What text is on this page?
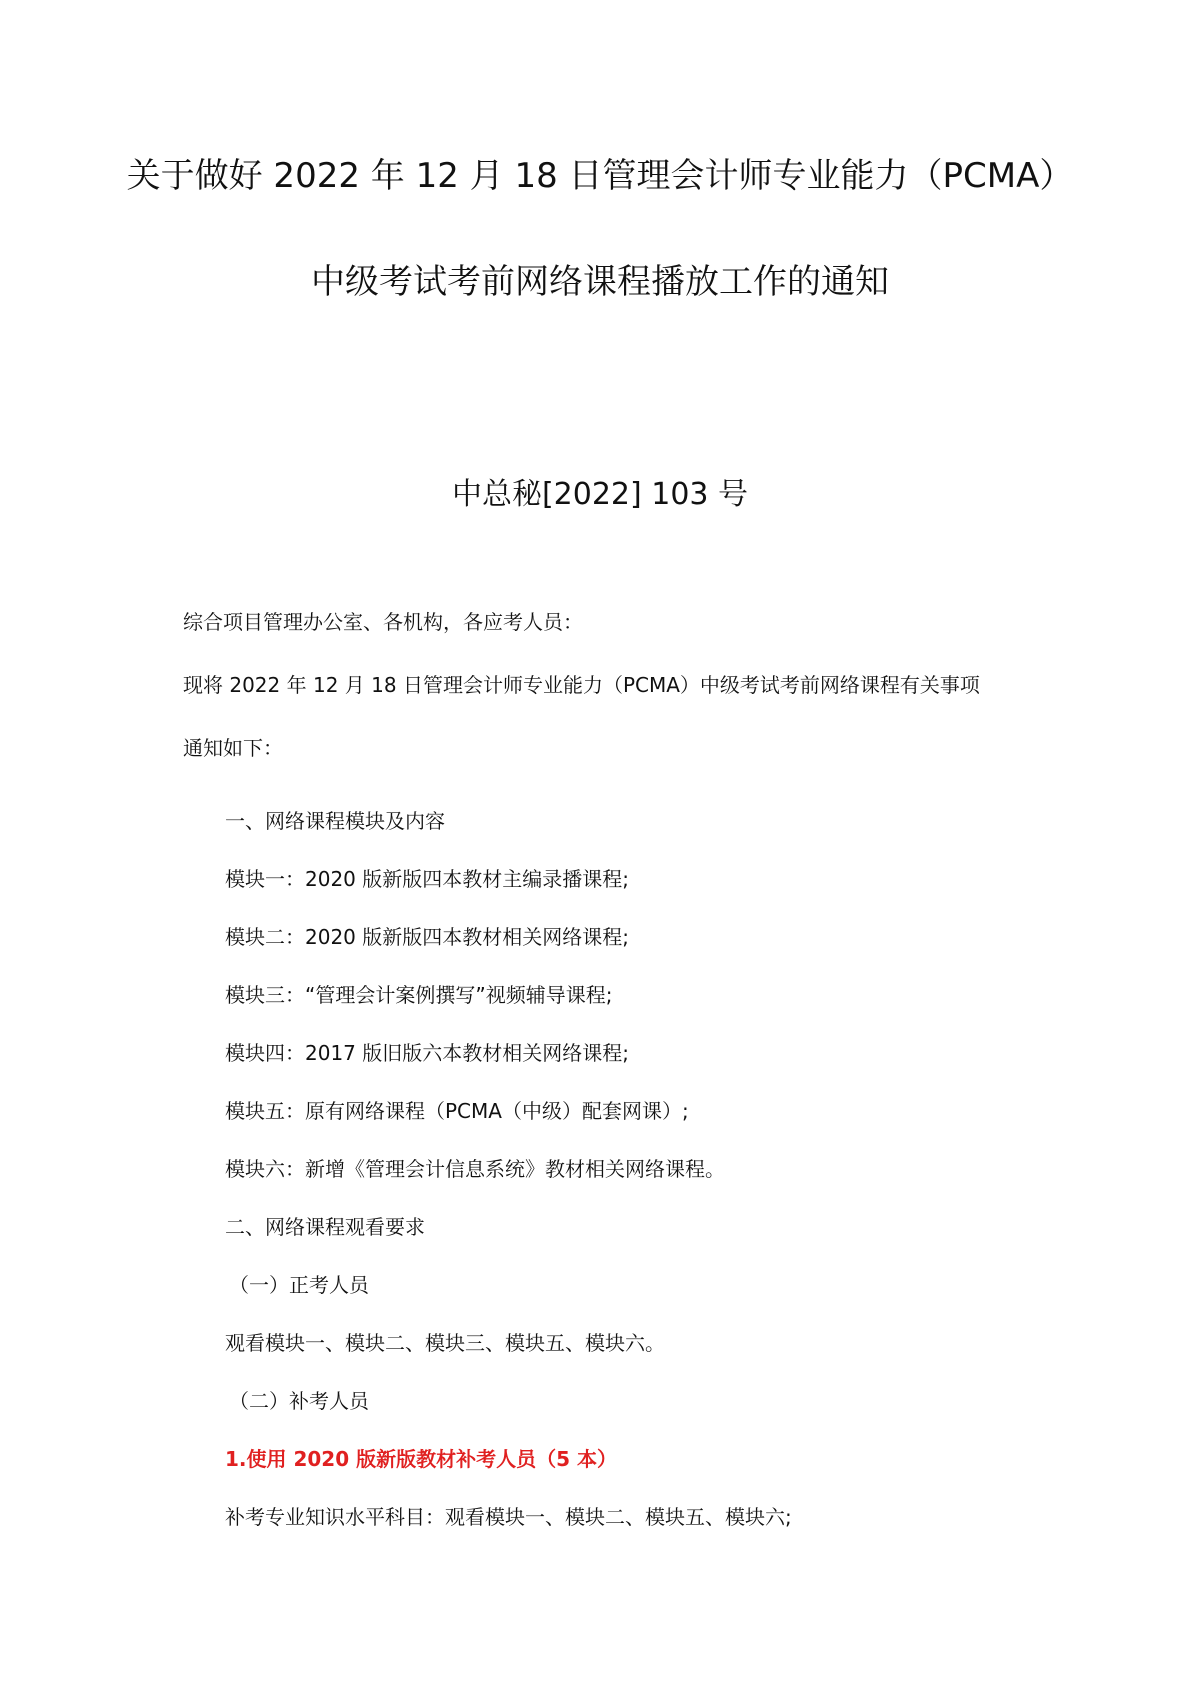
关于做好 2022 年 12 月 18 日管理会计师专业能力（PCMA）
中级考试考前网络课程播放工作的通知
中总秘[2022] 103 号
综合项目管理办公室、各机构，各应考人员：
现将 2022 年 12 月 18 日管理会计师专业能力（PCMA）中级考试考前网络课程有关事项
通知如下：
一、网络课程模块及内容
模块一：2020 版新版四本教材主编录播课程;
模块二：2020 版新版四本教材相关网络课程;
模块三：“管理会计案例撰写”视频辅导课程;
模块四：2017 版旧版六本教材相关网络课程;
模块五：原有网络课程（PCMA（中级）配套网课）;
模块六：新增《管理会计信息系统》教材相关网络课程。
二、网络课程观看要求
（一）正考人员
观看模块一、模块二、模块三、模块五、模块六。
（二）补考人员
1.使用 2020 版新版教材补考人员（5 本）
补考专业知识水平科目：观看模块一、模块二、模块五、模块六;
